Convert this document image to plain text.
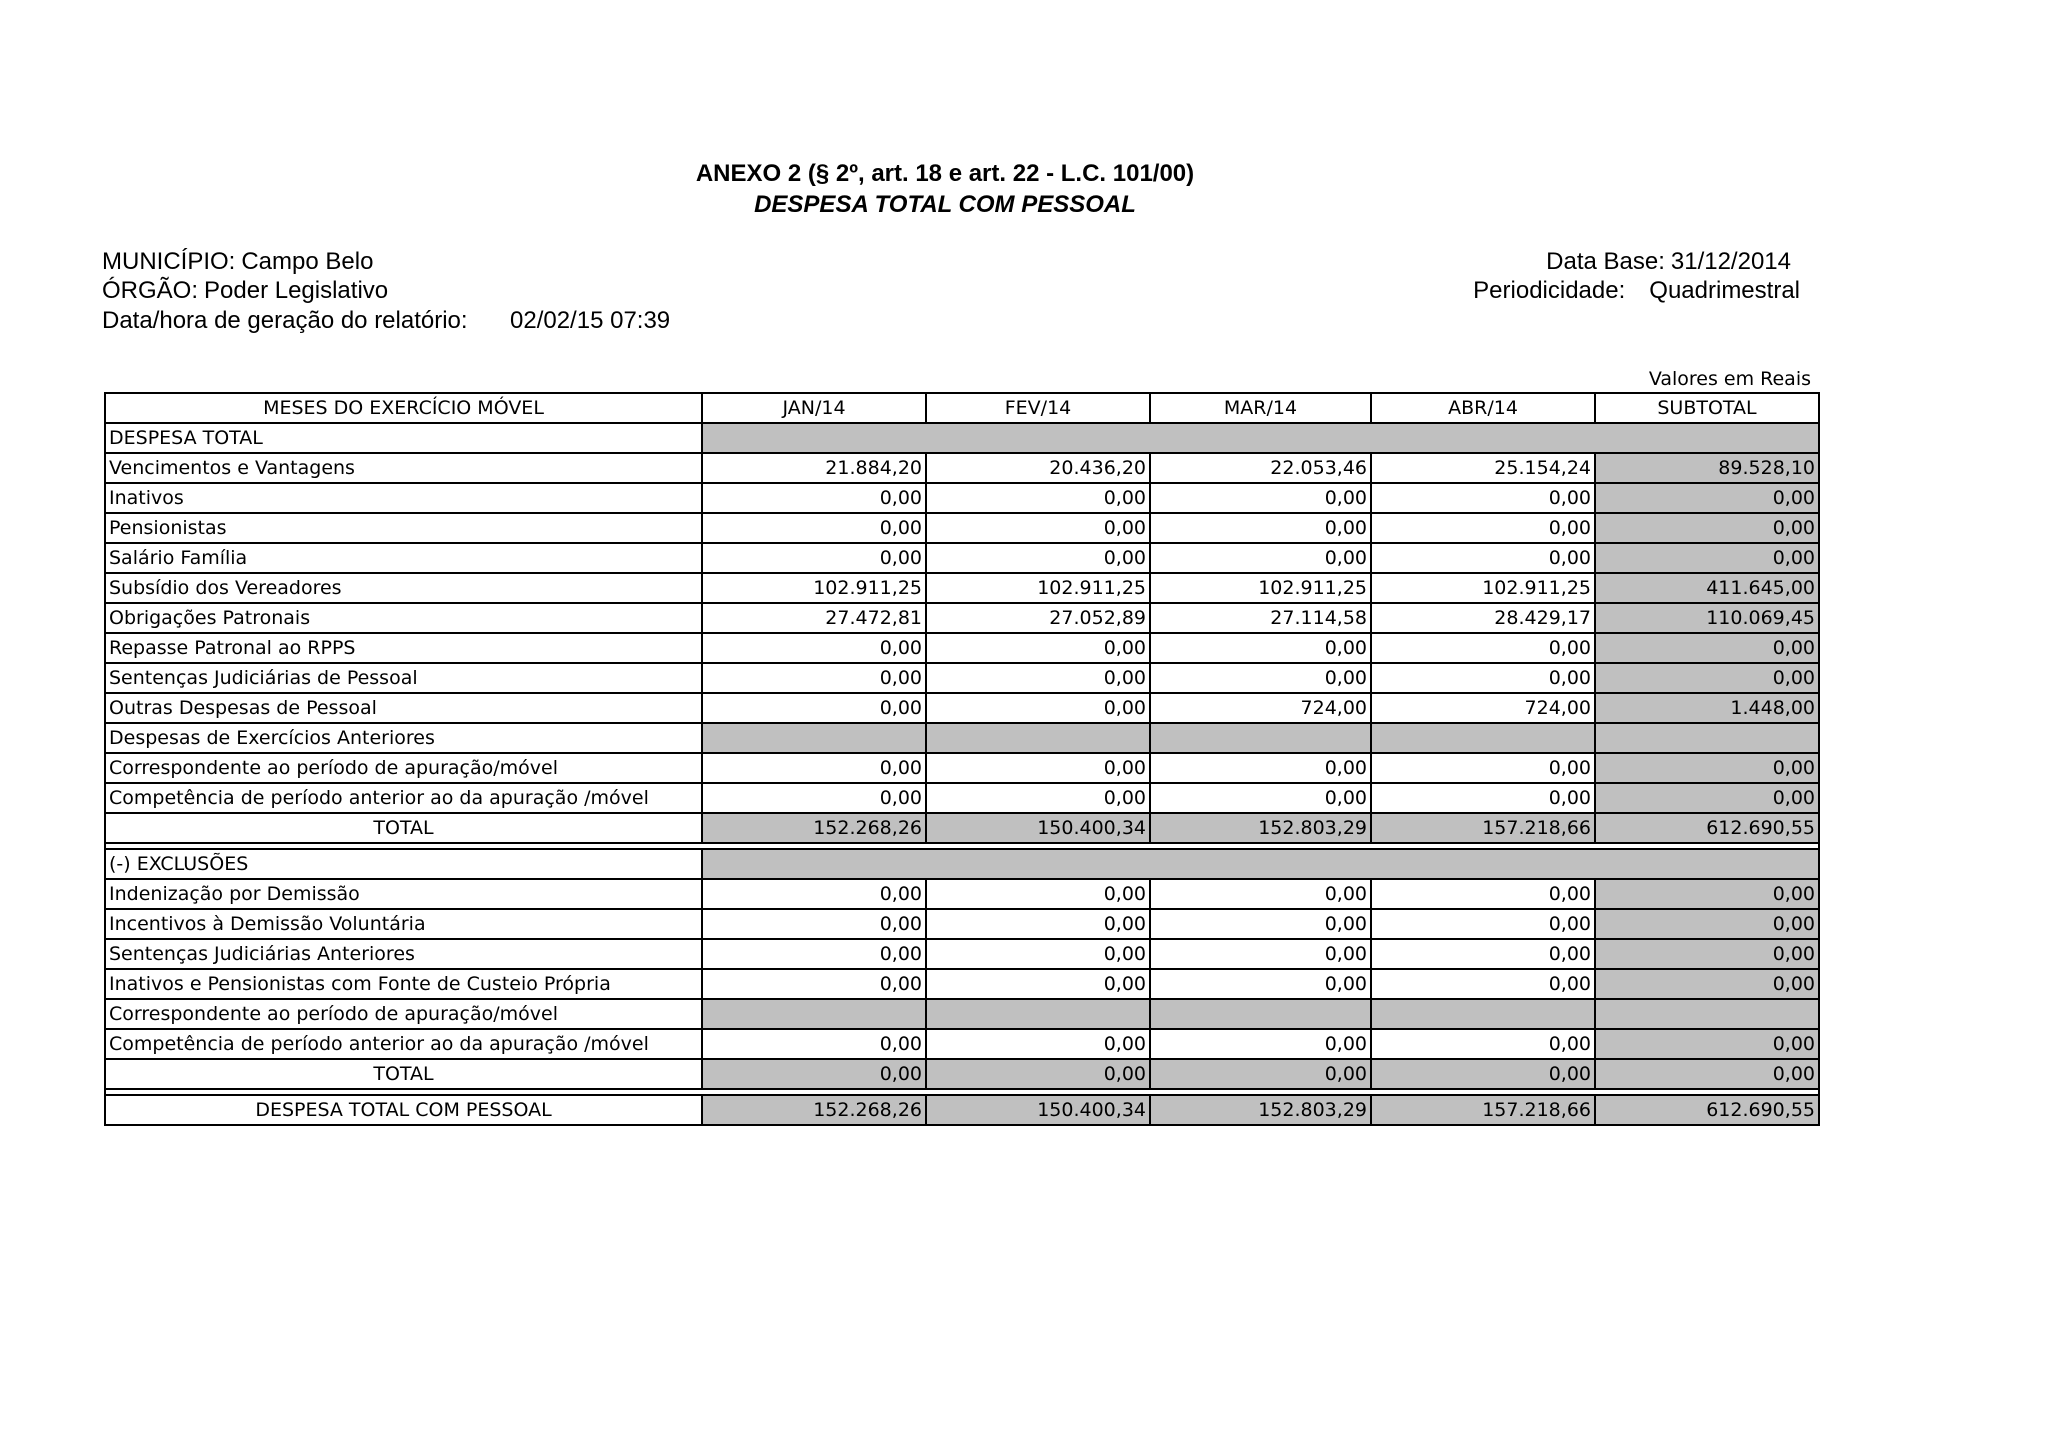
ANEXO 2 (§ 2º, art. 18 e art. 22 - L.C. 101/00)
DESPESA TOTAL COM PESSOAL
MUNICÍPIO: Campo Belo
ÓRGÃO: Poder Legislativo
Data/hora de geração do relatório: 02/02/15 07:39
Data Base: 31/12/2014
Periodicidade: Quadrimestral
Valores em Reais
MESES DO EXERCÍCIO MÓVEL	JAN/14	FEV/14	MAR/14	ABR/14	SUBTOTAL
DESPESA TOTAL					
Vencimentos e Vantagens	21.884,20	20.436,20	22.053,46	25.154,24	89.528,10
Inativos	0,00	0,00	0,00	0,00	0,00
Pensionistas	0,00	0,00	0,00	0,00	0,00
Salário Família	0,00	0,00	0,00	0,00	0,00
Subsídio dos Vereadores	102.911,25	102.911,25	102.911,25	102.911,25	411.645,00
Obrigações Patronais	27.472,81	27.052,89	27.114,58	28.429,17	110.069,45
Repasse Patronal ao RPPS	0,00	0,00	0,00	0,00	0,00
Sentenças Judiciárias de Pessoal	0,00	0,00	0,00	0,00	0,00
Outras Despesas de Pessoal	0,00	0,00	724,00	724,00	1.448,00
Despesas de Exercícios Anteriores					
Correspondente ao período de apuração/móvel	0,00	0,00	0,00	0,00	0,00
Competência de período anterior ao da apuração /móvel	0,00	0,00	0,00	0,00	0,00
TOTAL	152.268,26	150.400,34	152.803,29	157.218,66	612.690,55

(-) EXCLUSÕES					
Indenização por Demissão	0,00	0,00	0,00	0,00	0,00
Incentivos à Demissão Voluntária	0,00	0,00	0,00	0,00	0,00
Sentenças Judiciárias Anteriores	0,00	0,00	0,00	0,00	0,00
Inativos e Pensionistas com Fonte de Custeio Própria	0,00	0,00	0,00	0,00	0,00
Correspondente ao período de apuração/móvel					
Competência de período anterior ao da apuração /móvel	0,00	0,00	0,00	0,00	0,00
TOTAL	0,00	0,00	0,00	0,00	0,00

DESPESA TOTAL COM PESSOAL	152.268,26	150.400,34	152.803,29	157.218,66	612.690,55
